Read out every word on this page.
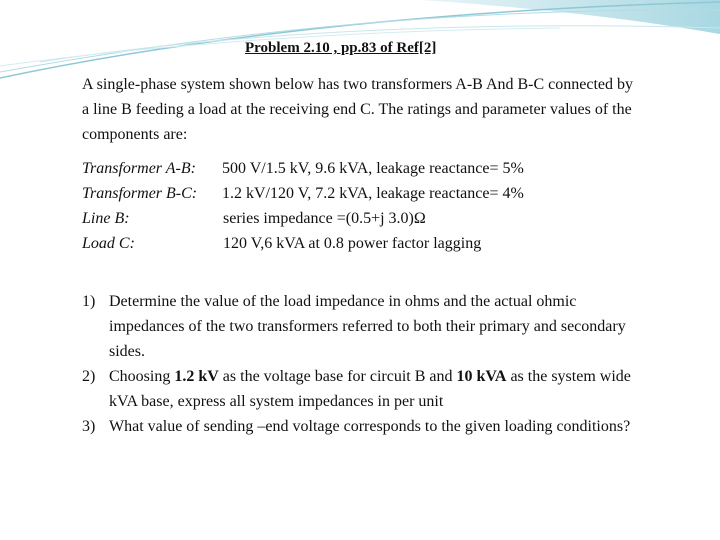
Problem 2.10 , pp.83 of Ref[2]

A single-phase system shown below has two transformers A-B And B-C connected by a line B feeding a load at the receiving end C. The ratings and parameter values of the components are:

Transformer A-B: 500 V/1.5 kV, 9.6 kVA, leakage reactance= 5%
Transformer B-C: 1.2 kV/120 V, 7.2 kVA, leakage reactance= 4%
Line B:	series impedance =(0.5+j 3.0)Ω
Load C:	120 V,6 kVA at 0.8 power factor lagging
1) Determine the value of the load impedance in ohms and the actual ohmic impedances of the two transformers referred to both their primary and secondary sides.
2) Choosing 1.2 kV as the voltage base for circuit B and 10 kVA as the system wide kVA base, express all system impedances in per unit
3) What value of sending –end voltage corresponds to the given loading conditions?
